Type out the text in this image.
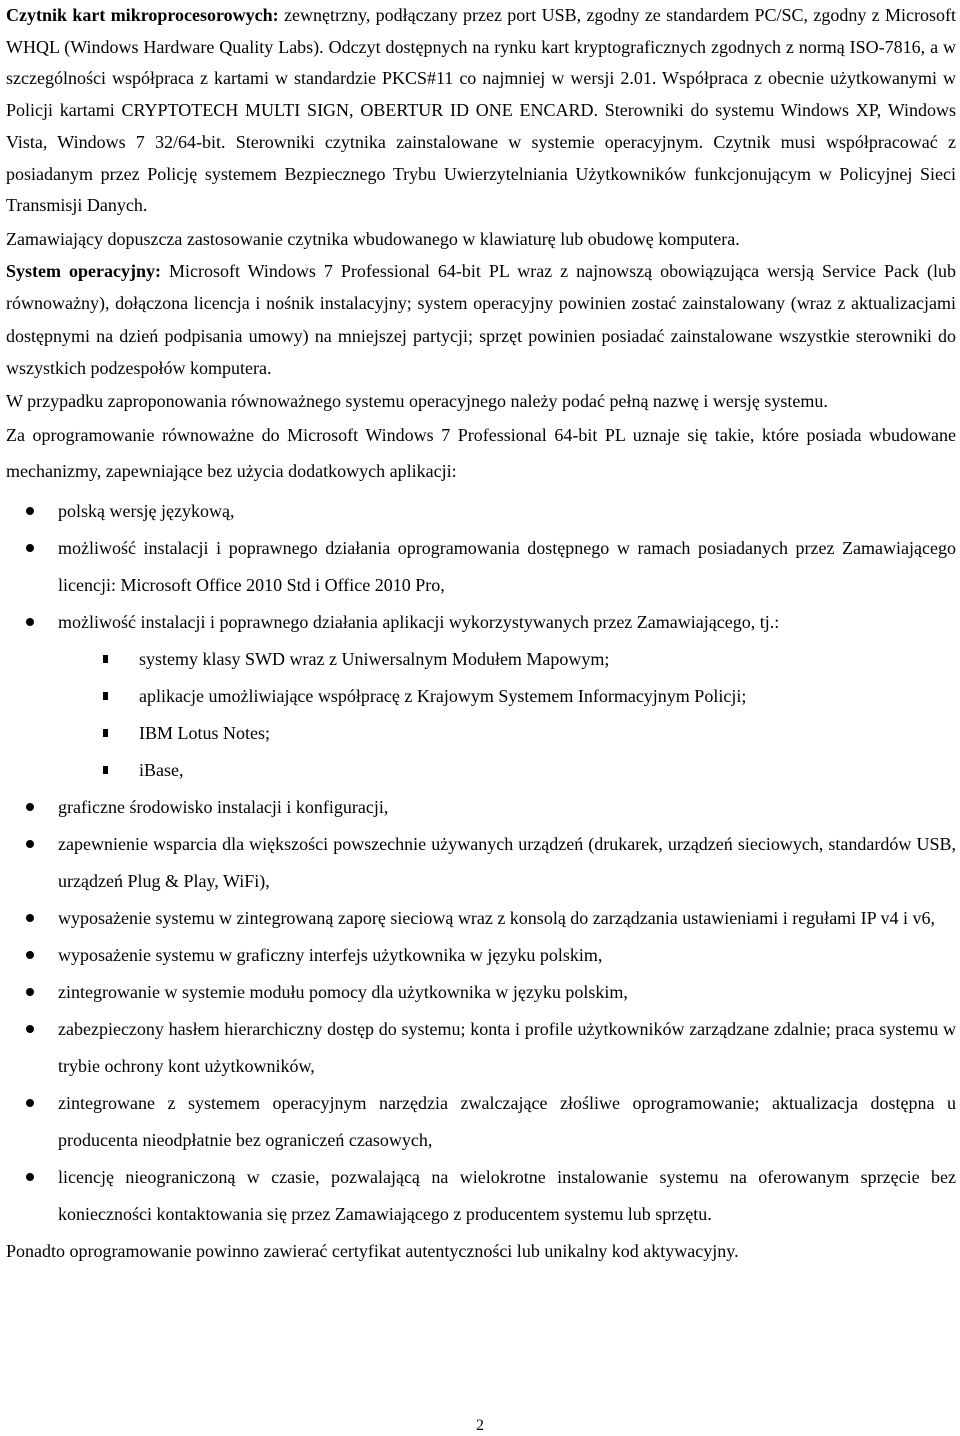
Czytnik kart mikroprocesorowych: zewnętrzny, podłączany przez port USB, zgodny ze standardem PC/SC, zgodny z Microsoft WHQL (Windows Hardware Quality Labs). Odczyt dostępnych na rynku kart kryptograficznych zgodnych z normą ISO-7816, a w szczególności współpraca z kartami w standardzie PKCS#11 co najmniej w wersji 2.01. Współpraca z obecnie użytkowanymi w Policji kartami CRYPTOTECH MULTI SIGN, OBERTUR ID ONE ENCARD. Sterowniki do systemu Windows XP, Windows Vista, Windows 7 32/64-bit. Sterowniki czytnika zainstalowane w systemie operacyjnym. Czytnik musi współpracować z posiadanym przez Policję systemem Bezpiecznego Trybu Uwierzytelniania Użytkowników funkcjonującym w Policyjnej Sieci Transmisji Danych.

Zamawiający dopuszcza zastosowanie czytnika wbudowanego w klawiaturę lub obudowę komputera.

System operacyjny: Microsoft Windows 7 Professional 64-bit PL wraz z najnowszą obowiązująca wersją Service Pack (lub równoważny), dołączona licencja i nośnik instalacyjny; system operacyjny powinien zostać zainstalowany (wraz z aktualizacjami dostępnymi na dzień podpisania umowy) na mniejszej partycji; sprzęt powinien posiadać zainstalowane wszystkie sterowniki do wszystkich podzespołów komputera.

W przypadku zaproponowania równoważnego systemu operacyjnego należy podać pełną nazwę i wersję systemu.

Za oprogramowanie równoważne do Microsoft Windows 7 Professional 64-bit PL uznaje się takie, które posiada wbudowane mechanizmy, zapewniające bez użycia dodatkowych aplikacji:

polską wersję językową,
możliwość instalacji i poprawnego działania oprogramowania dostępnego w ramach posiadanych przez Zamawiającego licencji: Microsoft Office 2010 Std i Office 2010 Pro,
możliwość instalacji i poprawnego działania aplikacji wykorzystywanych przez Zamawiającego, tj.:
systemy klasy SWD wraz z Uniwersalnym Modułem Mapowym;
aplikacje umożliwiające współpracę z Krajowym Systemem Informacyjnym Policji;
IBM Lotus Notes;
iBase,
graficzne środowisko instalacji i konfiguracji,
zapewnienie wsparcia dla większości powszechnie używanych urządzeń (drukarek, urządzeń sieciowych, standardów USB, urządzeń Plug & Play, WiFi),
wyposażenie systemu w zintegrowaną zaporę sieciową wraz z konsolą do zarządzania ustawieniami i regułami IP v4 i v6,
wyposażenie systemu w graficzny interfejs użytkownika w języku polskim,
zintegrowanie w systemie modułu pomocy dla użytkownika w języku polskim,
zabezpieczony hasłem hierarchiczny dostęp do systemu; konta i profile użytkowników zarządzane zdalnie; praca systemu w trybie ochrony kont użytkowników,
zintegrowane z systemem operacyjnym narzędzia zwalczające złośliwe oprogramowanie; aktualizacja dostępna u producenta nieodpłatnie bez ograniczeń czasowych,
licencję nieograniczoną w czasie, pozwalającą na wielokrotne instalowanie systemu na oferowanym sprzęcie bez konieczności kontaktowania się przez Zamawiającego z producentem systemu lub sprzętu.

Ponadto oprogramowanie powinno zawierać certyfikat autentyczności lub unikalny kod aktywacyjny.

2
